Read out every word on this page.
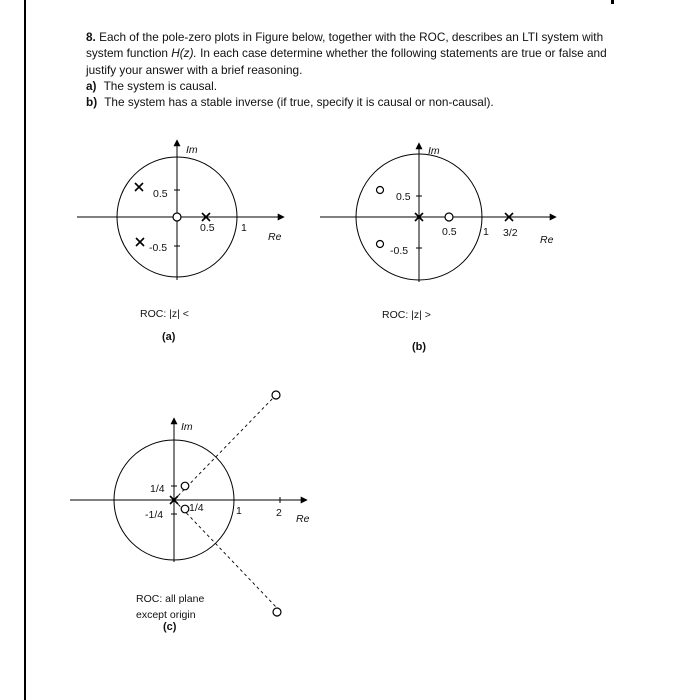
8. Each of the pole-zero plots in Figure below, together with the ROC, describes an LTI system with system function H(z). In each case determine whether the following statements are true or false and justify your answer with a brief reasoning.

a) The system is causal.

b) The system has a stable inverse (if true, specify it is causal or non-causal).

Im
Re
0.5
-0.5
0.5	1
ROC: |z| <
(a)
Im
Re
0.5
-0.5
0.5	1 3/2
ROC: |z| >
(b)
Im
Re
1/4
-1/4
1/4	1	2
ROC: all plane except origin
(c)
